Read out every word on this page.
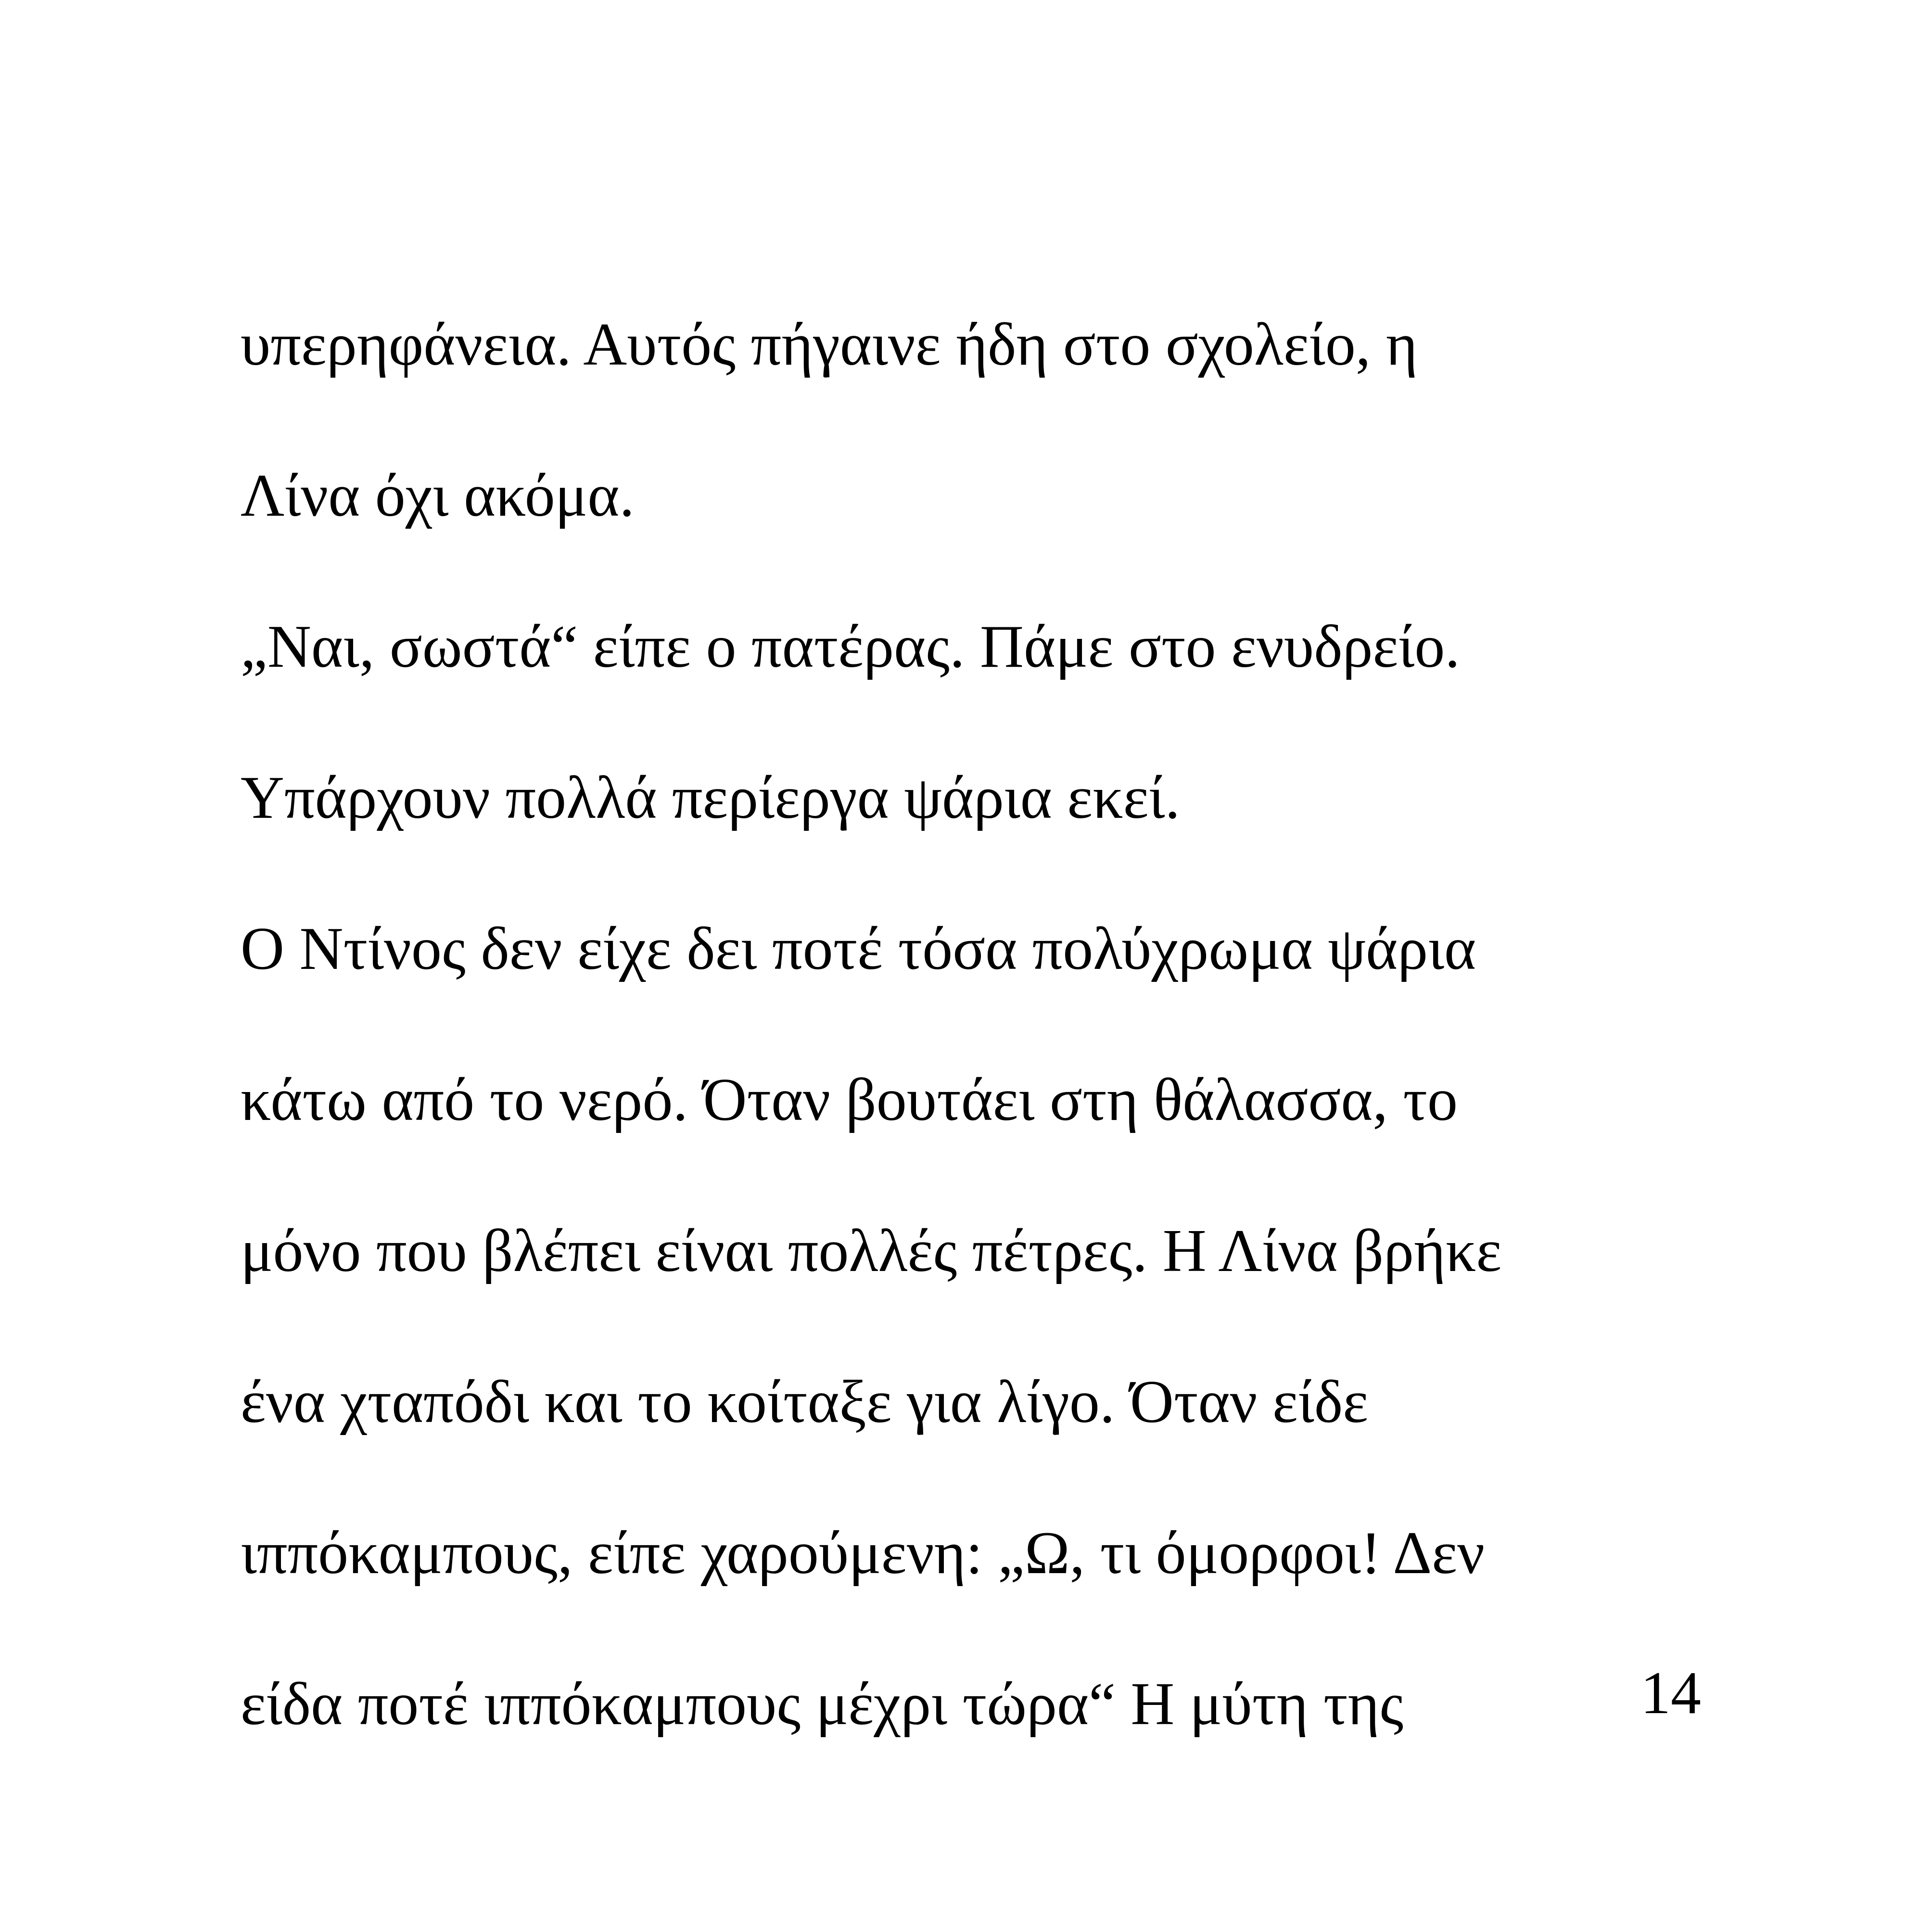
υπερηφάνεια. Αυτός πήγαινε ήδη στο σχολείο, η
Λίνα όχι ακόμα.
„Ναι, σωστά“ είπε ο πατέρας. Πάμε στο ενυδρείο.
Υπάρχουν πολλά περίεργα ψάρια εκεί.
Ο Ντίνος δεν είχε δει ποτέ τόσα πολύχρωμα ψάρια
κάτω από το νερό. Όταν βουτάει στη θάλασσα, το
μόνο που βλέπει είναι πολλές πέτρες. Η Λίνα βρήκε
ένα χταπόδι και το κοίταξε για λίγο. Όταν είδε
ιππόκαμπους, είπε χαρούμενη: „Ω, τι όμορφοι! Δεν
είδα ποτέ ιππόκαμπους μέχρι τώρα“ Η μύτη της	14
